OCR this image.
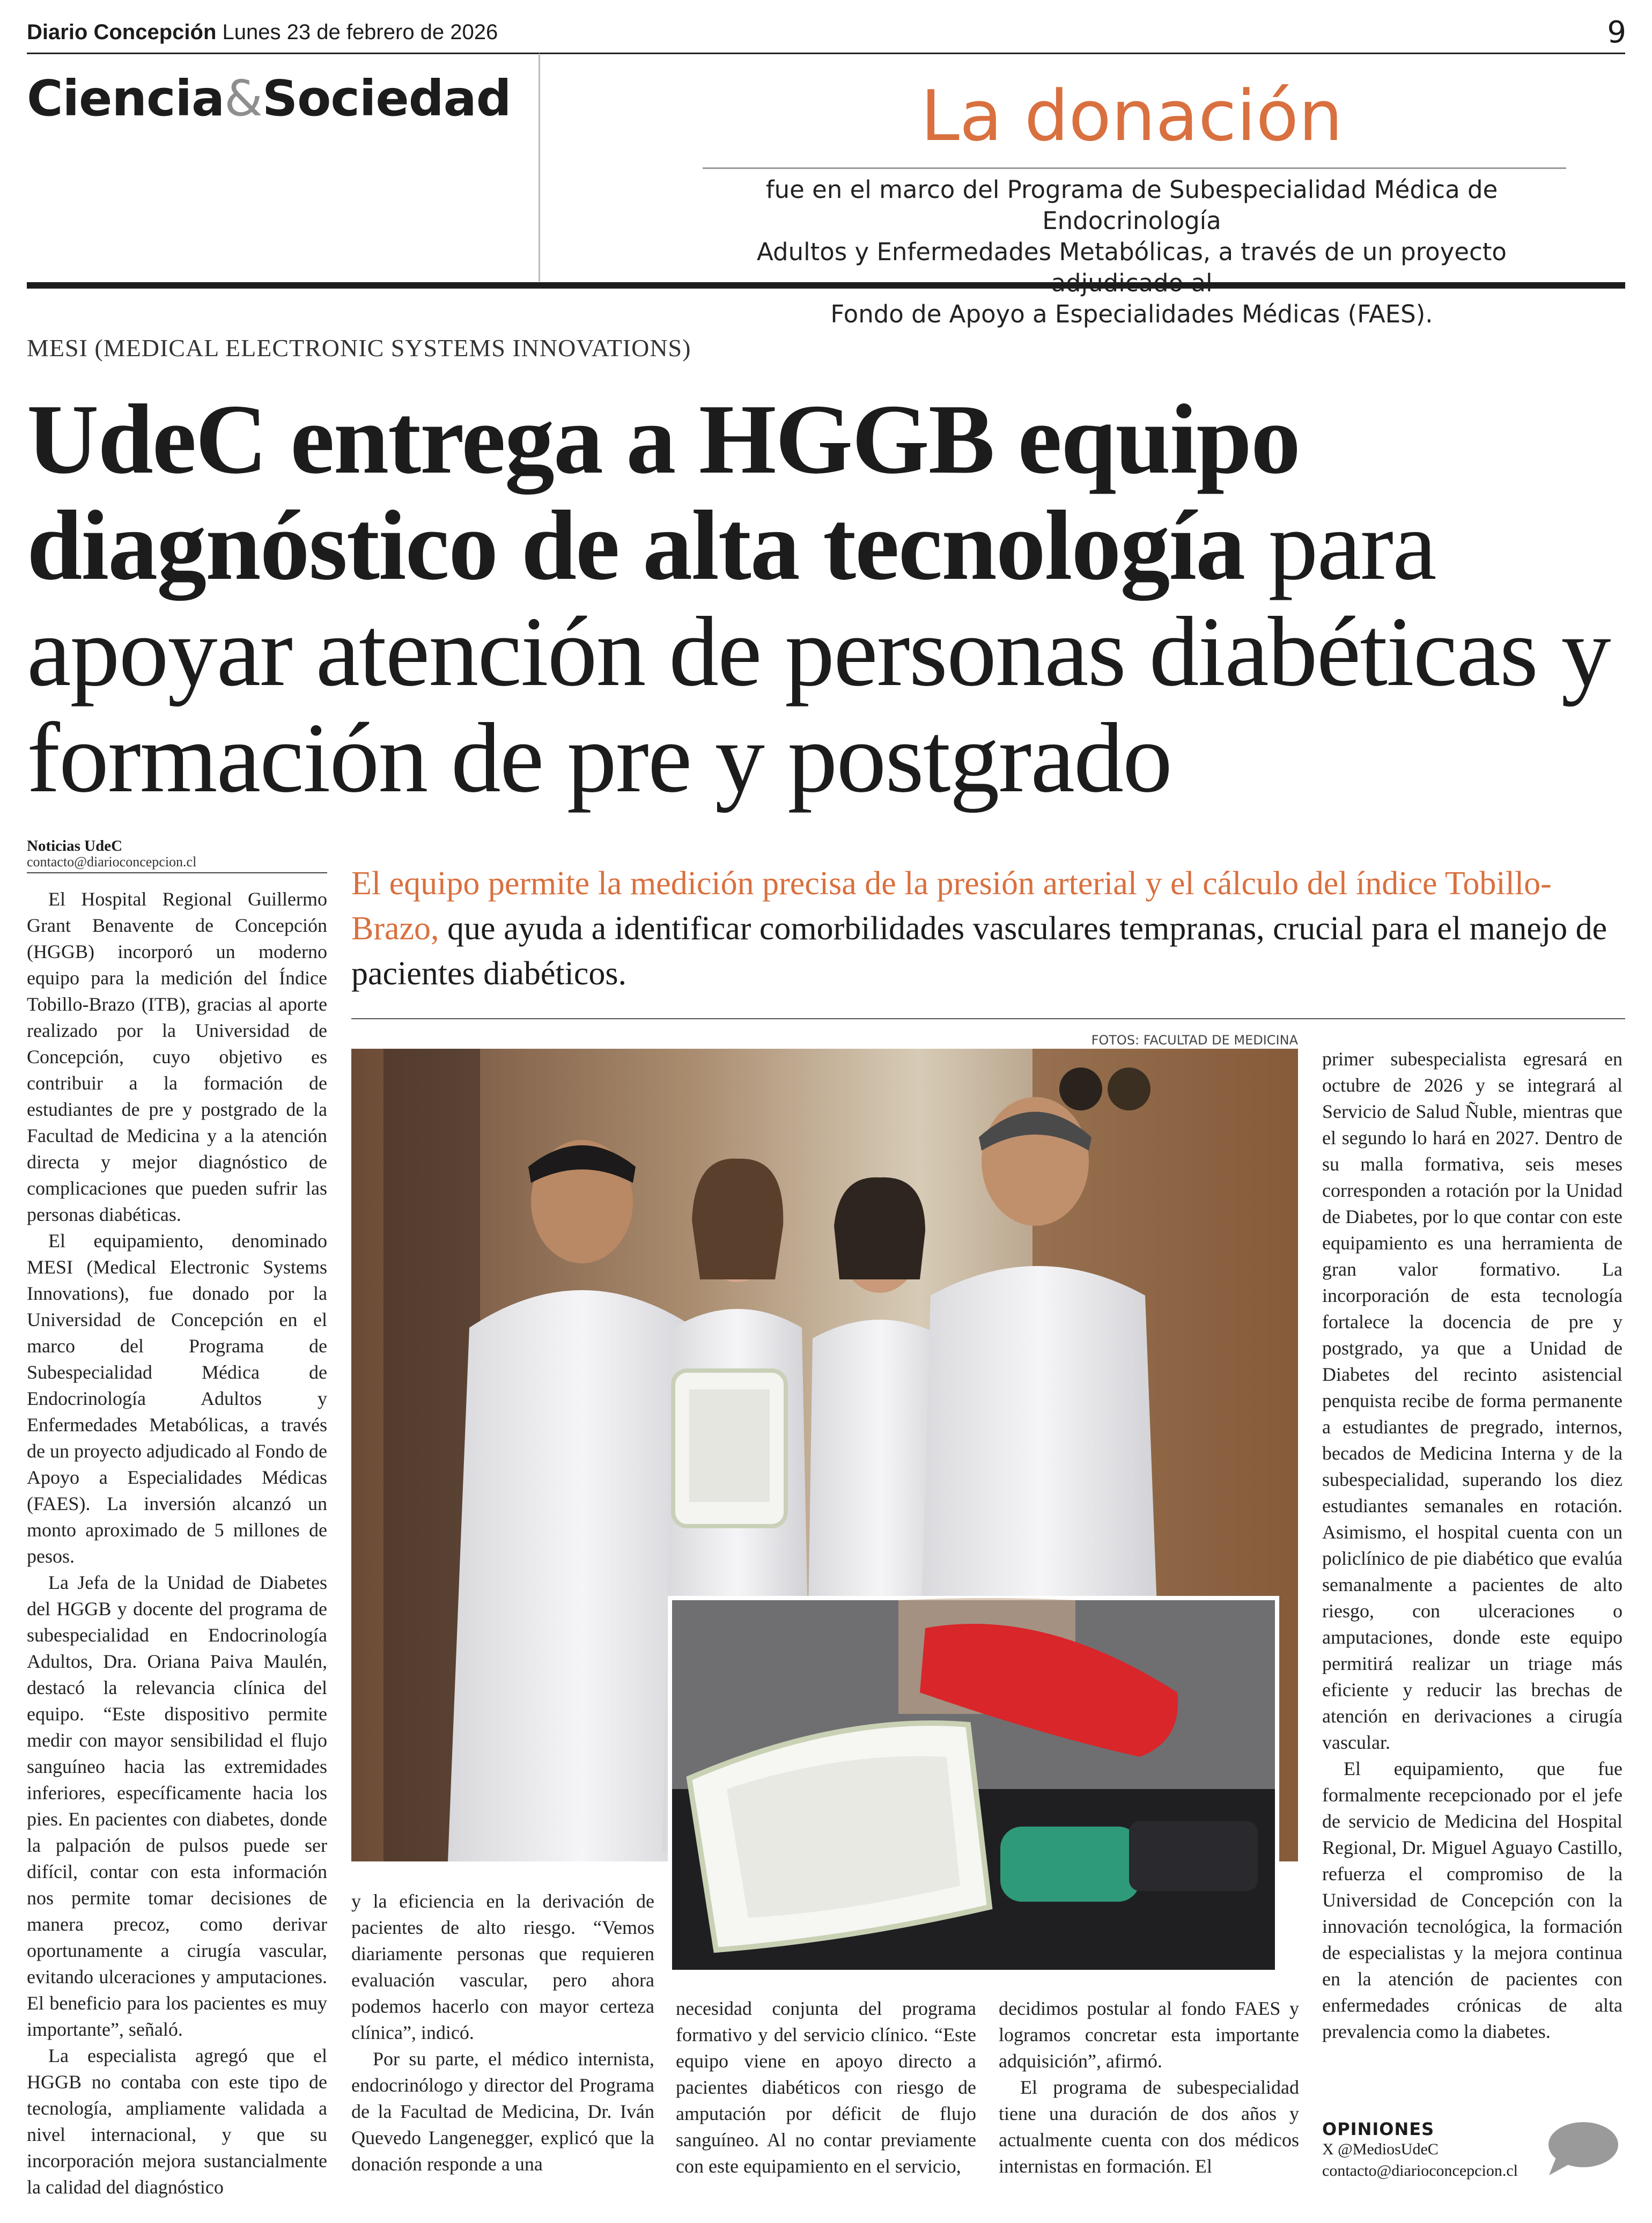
Diario Concepción Lunes 23 de febrero de 2026	9
Ciencia&Sociedad	La donación
fue en el marco del Programa de Subespecialidad Médica de Endocrinología
Adultos y Enfermedades Metabólicas, a través de un proyecto
Fondo de Apoyo a Especialidades Médicas (FAES).
MESI (MEDICAL ELECTRONIC SYSTEMS INNOVATIONS)
UdeC entrega a HGGB equipo diagnóstico de alta tecnología para apoyar atención de personas diabéticas y formación de pre y postgrado
Noticias UdeC
contacto@diarioconcepcion.cl
El equipo permite la medición precisa de la presión arterial y el cálculo del índice Tobillo-Brazo, que ayuda a identificar comorbilidades vasculares tempranas, crucial para el manejo de pacientes diabéticos.
FOTOS: FACULTAD DE MEDICINA

El Hospital Regional Guillermo Grant Benavente de Concepción (HGGB) incorporó un moderno equipo para la medición del Índice Tobillo-Brazo (ITB), gracias al aporte realizado por la Universidad de Concepción, cuyo objetivo es contribuir a la formación de estudiantes de pre y postgrado de la Facultad de Medicina y a la atención directa y mejor diagnóstico de complicaciones que pueden sufrir las personas diabéticas.

El equipamiento, denominado MESI (Medical Electronic Systems Innovations), fue donado por la Universidad de Concepción en el marco del Programa de Subespecialidad Médica de Endocrinología Adultos y Enfermedades Metabólicas, a través de un proyecto adjudicado al Fondo de Apoyo a Especialidades Médicas (FAES). La inversión alcanzó un monto aproximado de 5 millones de pesos.

La Jefa de la Unidad de Diabetes del HGGB y docente del programa de subespecialidad en Endocrinología Adultos, Dra. Oriana Paiva Maulén, destacó la relevancia clínica del equipo. “Este dispositivo permite medir con mayor sensibilidad el flujo sanguíneo hacia las extremidades inferiores, específicamente hacia los pies. En pacientes con diabetes, donde la palpación de pulsos puede ser difícil, contar con esta información nos permite tomar decisiones de manera precoz, como derivar oportunamente a cirugía vascular, evitando ulceraciones y amputaciones. El beneficio para los pacientes es muy importante”, señaló.

La especialista agregó que el HGGB no contaba con este tipo de tecnología, ampliamente validada a nivel internacional, y que su incorporación mejora sustancialmente la calidad del diagnóstico

y la eficiencia en la derivación de pacientes de alto riesgo. “Vemos diariamente personas que requieren evaluación vascular, pero ahora podemos hacerlo con mayor certeza clínica”, indicó.

Por su parte, el médico internista, endocrinólogo y director del Programa de la Facultad de Medicina, Dr. Iván Quevedo Langenegger, explicó que la donación responde a una

necesidad conjunta del programa formativo y del servicio clínico. “Este equipo viene en apoyo directo a pacientes diabéticos con riesgo de amputación por déficit de flujo sanguíneo. Al no contar previamente con este equipamiento en el servicio,

decidimos postular al fondo FAES y logramos concretar esta importante adquisición”, afirmó.

El programa de subespecialidad tiene una duración de dos años y actualmente cuenta con dos médicos internistas en formación. El

primer subespecialista egresará en octubre de 2026 y se integrará al Servicio de Salud Ñuble, mientras que el segundo lo hará en 2027. Dentro de su malla formativa, seis meses corresponden a rotación por la Unidad de Diabetes, por lo que contar con este equipamiento es una herramienta de gran valor formativo. La incorporación de esta tecnología fortalece la docencia de pre y postgrado, ya que a Unidad de Diabetes del recinto asistencial penquista recibe de forma permanente a estudiantes de pregrado, internos, becados de Medicina Interna y de la subespecialidad, superando los diez estudiantes semanales en rotación. Asimismo, el hospital cuenta con un policlínico de pie diabético que evalúa semanalmente a pacientes de alto riesgo, con ulceraciones o amputaciones, donde este equipo permitirá realizar un triage más eficiente y reducir las brechas de atención en derivaciones a cirugía vascular.

El equipamiento, que fue formalmente recepcionado por el jefe de servicio de Medicina del Hospital Regional, Dr. Miguel Aguayo Castillo, refuerza el compromiso de la Universidad de Concepción con la innovación tecnológica, la formación de especialistas y la mejora continua en la atención de pacientes con enfermedades crónicas de alta prevalencia como la diabetes.

OPINIONES
X @MediosUdeC
contacto@diarioconcepcion.cl
